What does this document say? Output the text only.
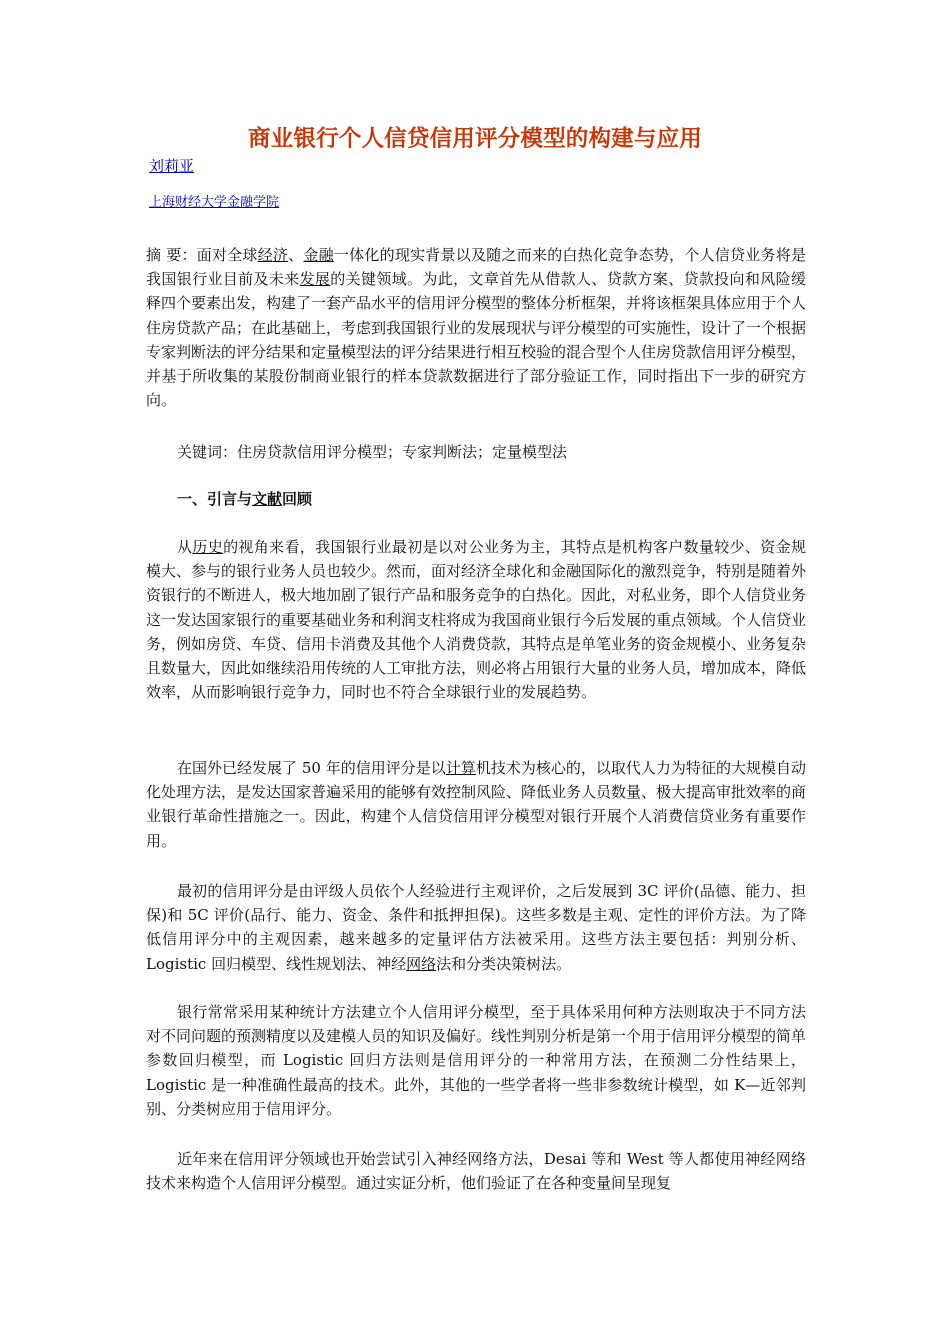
商业银行个人信贷信用评分模型的构建与应用
刘莉亚
上海财经大学金融学院

摘 要：面对全球经济、金融一体化的现实背景以及随之而来的白热化竞争态势，个人信贷业务将是我国银行业目前及未来发展的关键领域。为此，文章首先从借款人、贷款方案、贷款投向和风险缓释四个要素出发，构建了一套产品水平的信用评分模型的整体分析框架，并将该框架具体应用于个人住房贷款产品；在此基础上，考虑到我国银行业的发展现状与评分模型的可实施性，设计了一个根据专家判断法的评分结果和定量模型法的评分结果进行相互校验的混合型个人住房贷款信用评分模型，并基于所收集的某股份制商业银行的样本贷款数据进行了部分验证工作，同时指出下一步的研究方向。

关键词：住房贷款信用评分模型；专家判断法；定量模型法

一、引言与文献回顾

从历史的视角来看，我国银行业最初是以对公业务为主，其特点是机构客户数量较少、资金规模大、参与的银行业务人员也较少。然而，面对经济全球化和金融国际化的激烈竞争，特别是随着外资银行的不断进人，极大地加剧了银行产品和服务竞争的白热化。因此，对私业务，即个人信贷业务这一发达国家银行的重要基础业务和利润支柱将成为我国商业银行今后发展的重点领域。个人信贷业务，例如房贷、车贷、信用卡消费及其他个人消费贷款，其特点是单笔业务的资金规模小、业务复杂且数量大，因此如继续沿用传统的人工审批方法，则必将占用银行大量的业务人员，增加成本，降低效率，从而影响银行竞争力，同时也不符合全球银行业的发展趋势。

在国外已经发展了 50 年的信用评分是以计算机技术为核心的，以取代人力为特征的大规模自动化处理方法，是发达国家普遍采用的能够有效控制风险、降低业务人员数量、极大提高审批效率的商业银行革命性措施之一。因此，构建个人信贷信用评分模型对银行开展个人消费信贷业务有重要作用。

最初的信用评分是由评级人员依个人经验进行主观评价，之后发展到 3C 评价(品德、能力、担保)和 5C 评价(品行、能力、资金、条件和抵押担保)。这些多数是主观、定性的评价方法。为了降低信用评分中的主观因素，越来越多的定量评估方法被采用。这些方法主要包括：判别分析、Logistic 回归模型、线性规划法、神经网络法和分类决策树法。

银行常常采用某种统计方法建立个人信用评分模型，至于具体采用何种方法则取决于不同方法对不同问题的预测精度以及建模人员的知识及偏好。线性判别分析是第一个用于信用评分模型的简单参数回归模型，而 Logistic 回归方法则是信用评分的一种常用方法，在预测二分性结果上，Logistic 是一种准确性最高的技术。此外，其他的一些学者将一些非参数统计模型，如 K—近邻判别、分类树应用于信用评分。

近年来在信用评分领域也开始尝试引入神经网络方法，Desai 等和 West 等人都使用神经网络技术来构造个人信用评分模型。通过实证分析，他们验证了在各种变量间呈现复
